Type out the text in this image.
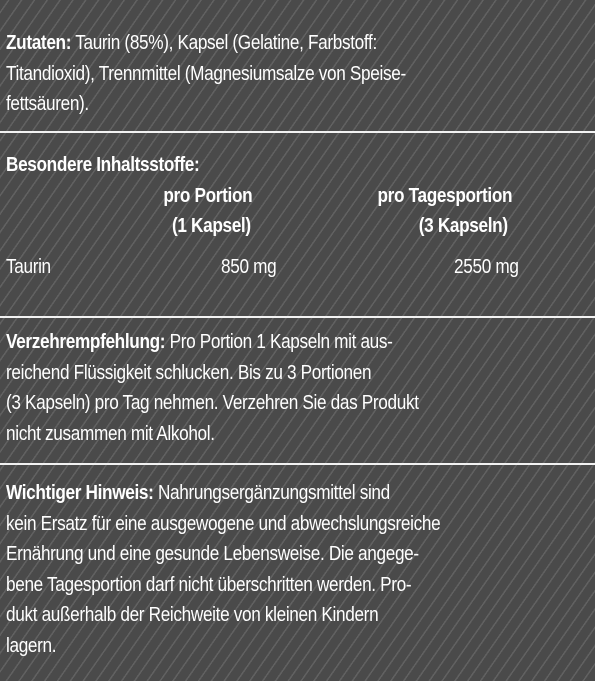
Zutaten: Taurin (85%), Kapsel (Gelatine, Farbstoff:
Titandioxid), Trennmittel (Magnesiumsalze von Speise-
fettsäuren).
Besondere Inhaltsstoffe:
pro Portion	pro Tagesportion
(1 Kapsel)	(3 Kapseln)
Taurin	850 mg	2550 mg
Verzehrempfehlung: Pro Portion 1 Kapseln mit aus-
reichend Flüssigkeit schlucken. Bis zu 3 Portionen
(3 Kapseln) pro Tag nehmen. Verzehren Sie das Produkt
nicht zusammen mit Alkohol.
Wichtiger Hinweis: Nahrungsergänzungsmittel sind
kein Ersatz für eine ausgewogene und abwechslungsreiche
Ernährung und eine gesunde Lebensweise. Die angege-
bene Tagesportion darf nicht überschritten werden. Pro-
dukt außerhalb der Reichweite von kleinen Kindern
lagern.
